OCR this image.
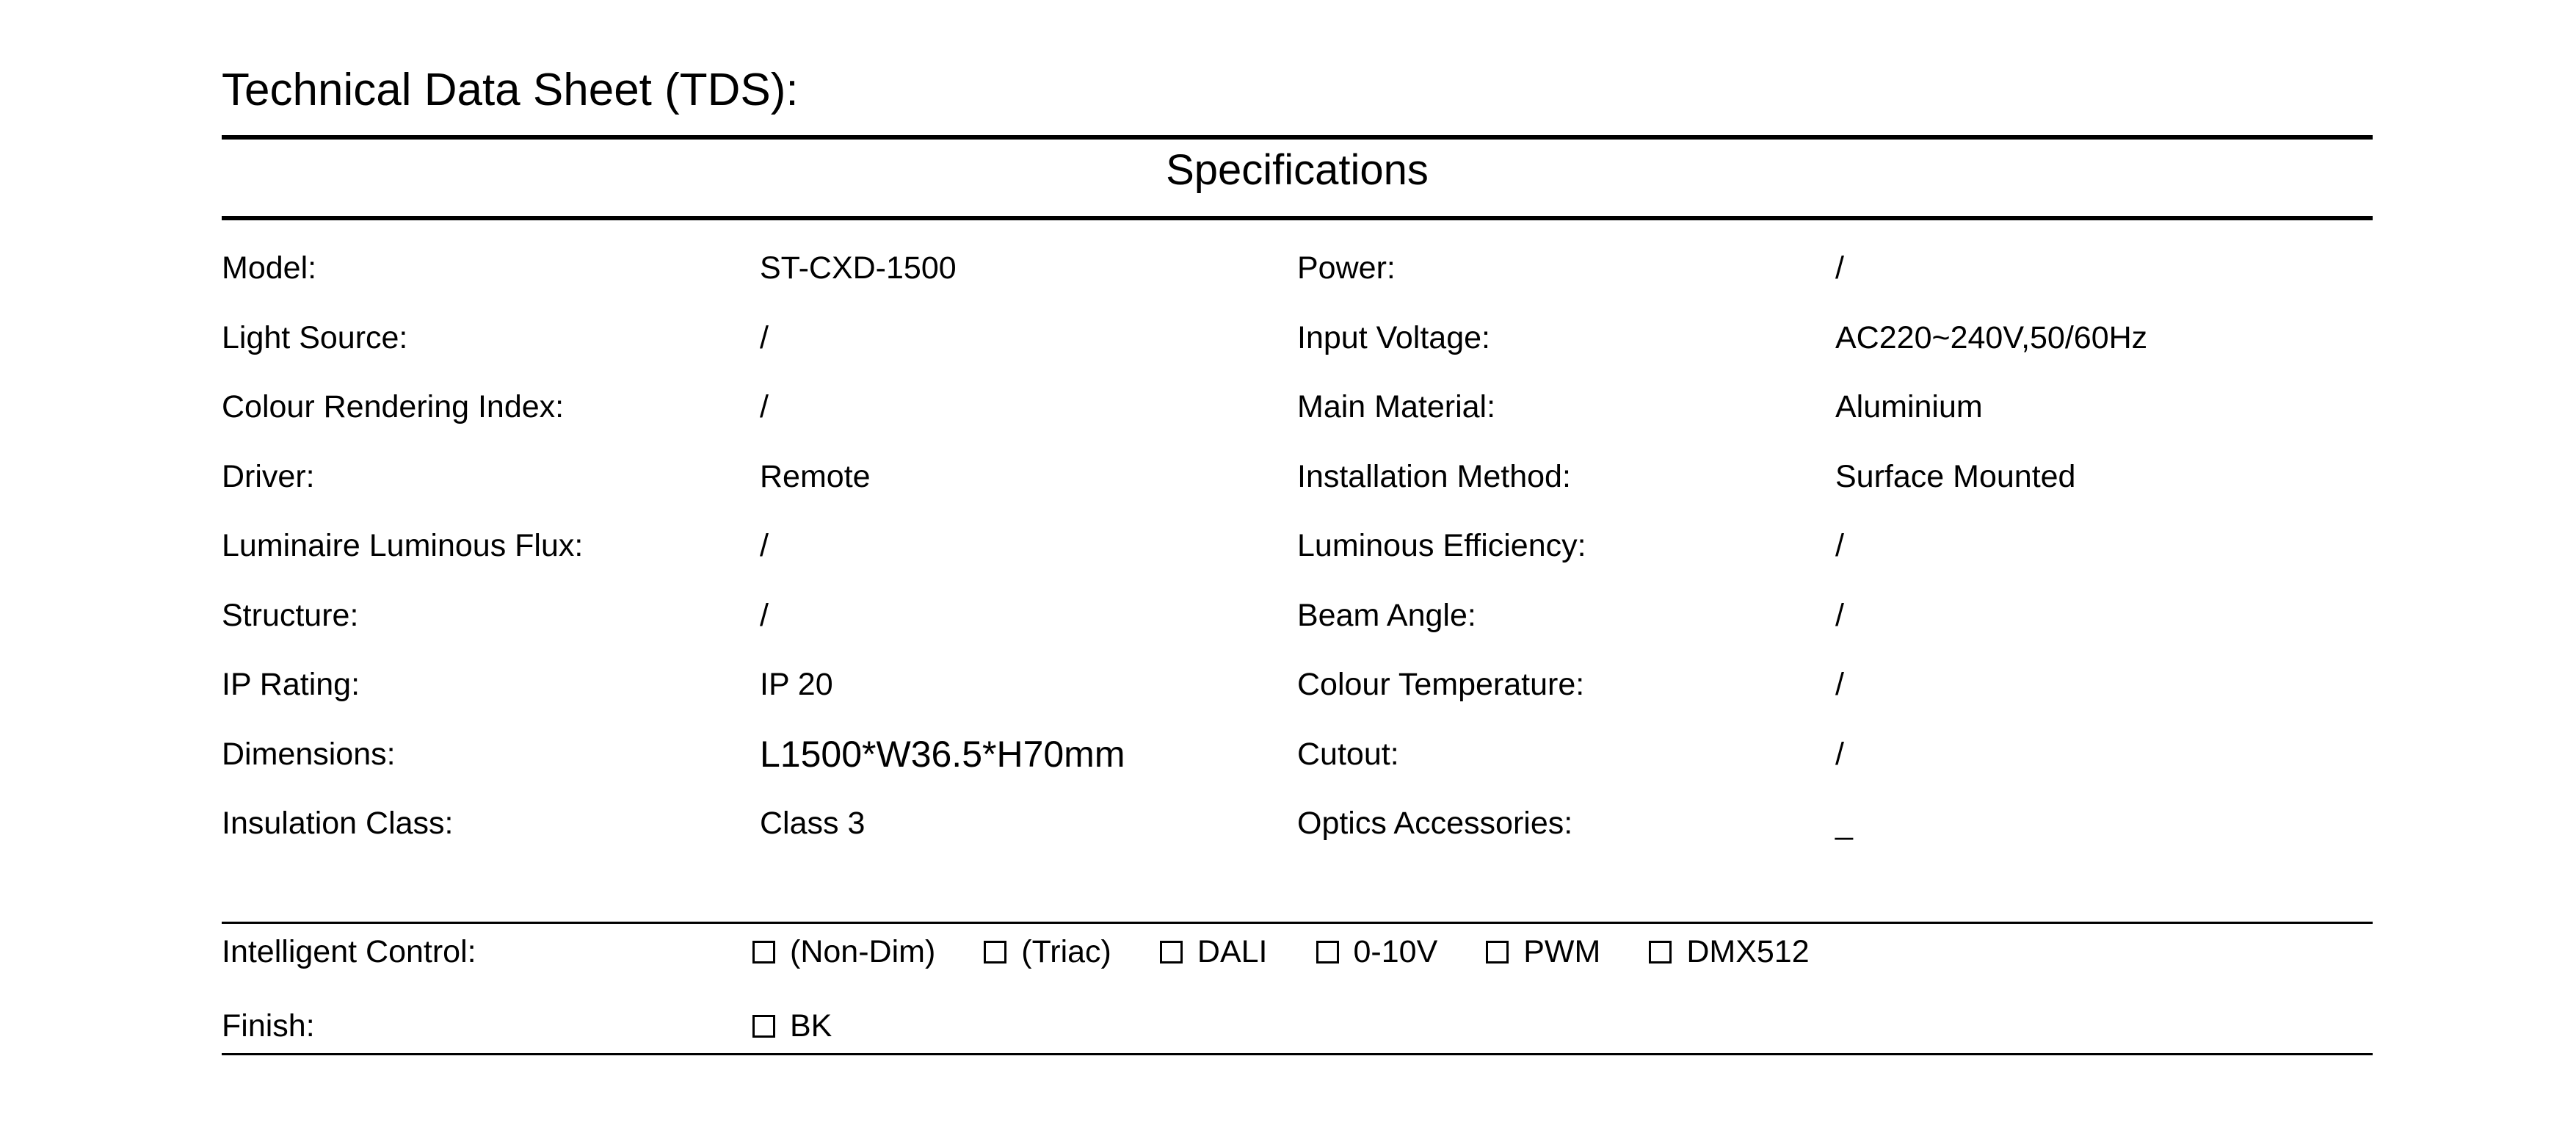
Technical Data Sheet (TDS):
Specifications
Model:	ST-CXD-1500	Power:	/
Light Source:	/	Input Voltage:	AC220~240V,50/60Hz
Colour Rendering Index:	/	Main Material:	Aluminium
Driver:	Remote	Installation Method:	Surface Mounted
Luminaire Luminous Flux:	/	Luminous Efficiency:	/
Structure:	/	Beam Angle:	/
IP Rating:	IP 20	Colour Temperature:	/
Dimensions:	L1500*W36.5*H70mm	Cutout:	/
Insulation Class:	Class 3	Optics Accessories:	_
Intelligent Control:	(Non-Dim)	(Triac)	DALI	0-10V	PWM	DMX512
Finish:	BK
